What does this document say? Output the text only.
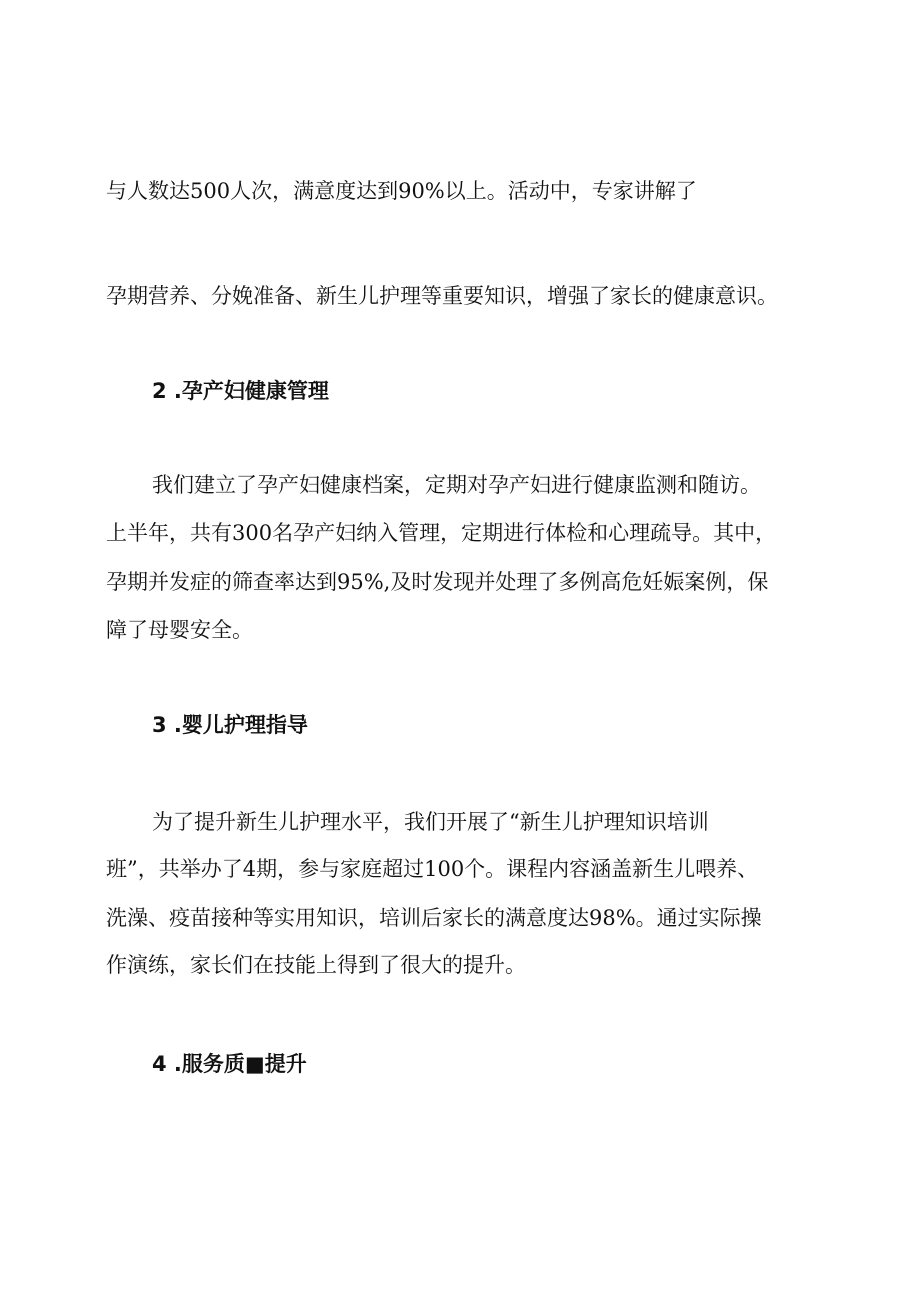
与人数达500人次，满意度达到90%以上。活动中，专家讲解了
孕期营养、分娩准备、新生儿护理等重要知识，增强了家长的健康意识。
2 .孕产妇健康管理
我们建立了孕产妇健康档案，定期对孕产妇进行健康监测和随访。
上半年，共有300名孕产妇纳入管理，定期进行体检和心理疏导。其中，
孕期并发症的筛查率达到95%,及时发现并处理了多例高危妊娠案例，保
障了母婴安全。
3 .婴儿护理指导
为了提升新生儿护理水平，我们开展了“新生儿护理知识培训
班”，共举办了4期，参与家庭超过100个。课程内容涵盖新生儿喂养、
洗澡、疫苗接种等实用知识，培训后家长的满意度达98%。通过实际操
作演练，家长们在技能上得到了很大的提升。
4 .服务质■提升
